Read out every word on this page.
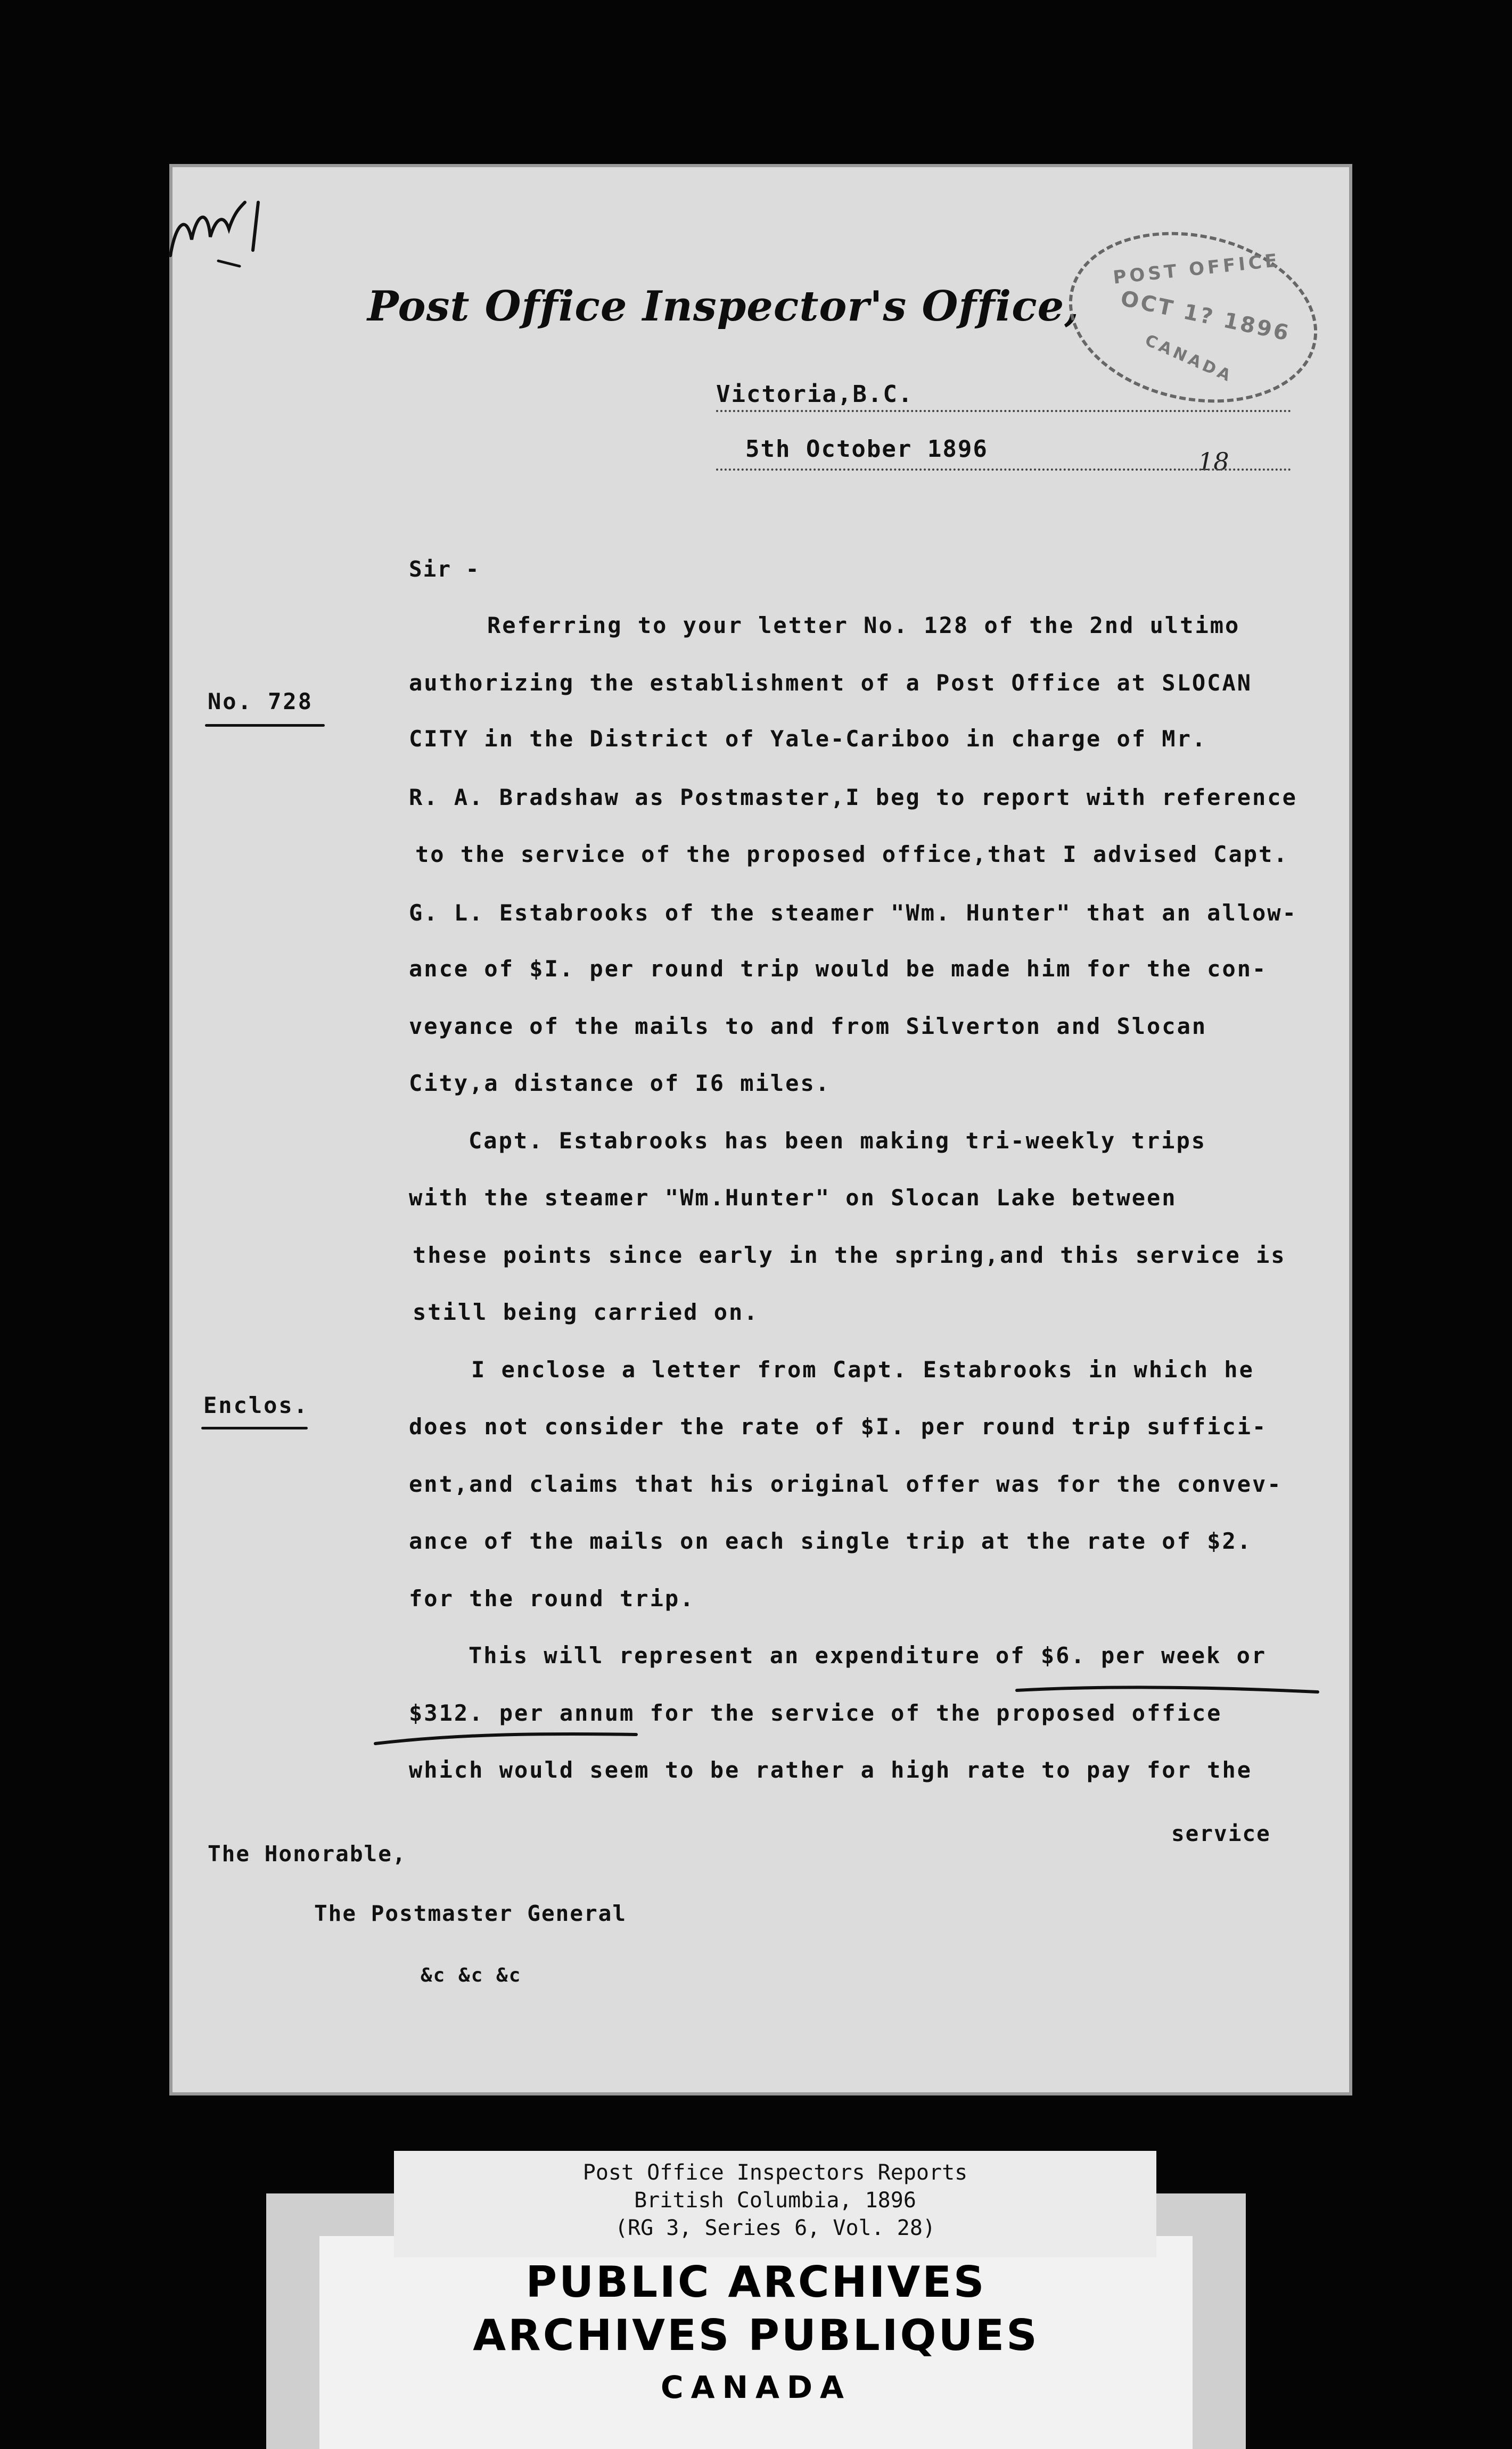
Post Office Inspector's Office,
POST OFFICE
OCT 1? 1896
CANADA
Victoria,B.C.
5th October 1896	18
Sir -
No. 728
Enclos.
Referring to your letter No. 128 of the 2nd ultimo
authorizing the establishment of a Post Office at SLOCAN
CITY in the District of Yale-Cariboo in charge of Mr.
R. A. Bradshaw as Postmaster,I beg to report with reference
to the service of the proposed office,that I advised Capt.
G. L. Estabrooks of the steamer "Wm. Hunter" that an allow-
ance of $I. per round trip would be made him for the con-
veyance of the mails to and from Silverton and Slocan
City,a distance of I6 miles.
Capt. Estabrooks has been making tri-weekly trips
with the steamer "Wm.Hunter" on Slocan Lake between
these points since early in the spring,and this service is
still being carried on.
I enclose a letter from Capt. Estabrooks in which he
does not consider the rate of $I. per round trip suffici-
ent,and claims that his original offer was for the convev-
ance of the mails on each single trip at the rate of $2.
for the round trip.
This will represent an expenditure of $6. per week or
$312. per annum for the service of the proposed office
which would seem to be rather a high rate to pay for the
service
The Honorable,
The Postmaster General
&c &c &c
PUBLIC ARCHIVES
ARCHIVES PUBLIQUES
CANADA
Post Office Inspectors Reports
British Columbia, 1896
(RG 3, Series 6, Vol. 28)
